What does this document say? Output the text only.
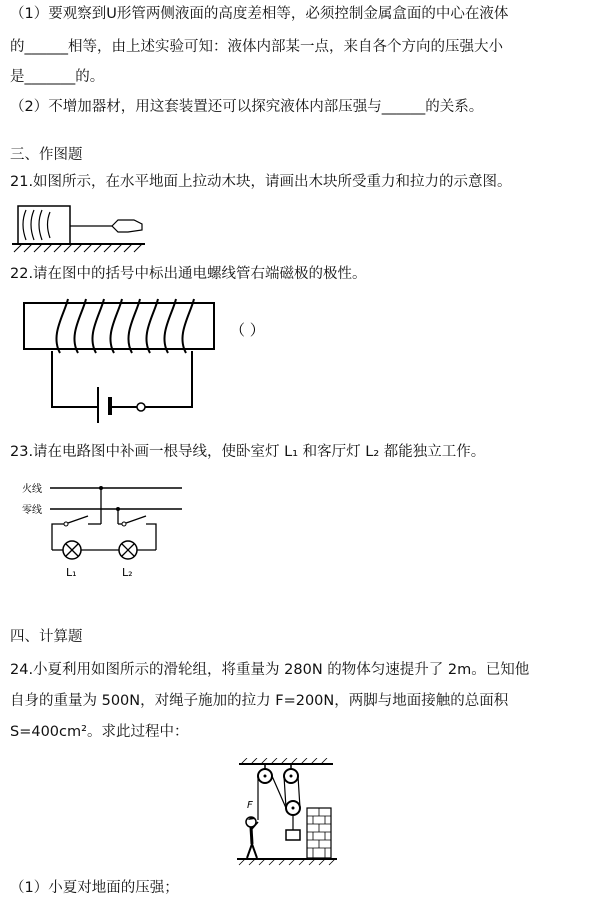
（1）要观察到U形管两侧液面的高度差相等，必须控制金属盒面的中心在液体
的______相等，由上述实验可知：液体内部某一点，来自各个方向的压强大小
是_______的。
（2）不增加器材，用这套装置还可以探究液体内部压强与______的关系。
三、作图题
21.如图所示，在水平地面上拉动木块，请画出木块所受重力和拉力的示意图。
22.请在图中的括号中标出通电螺线管右端磁极的极性。
（ ）
23.请在电路图中补画一根导线，使卧室灯 L₁ 和客厅灯 L₂ 都能独立工作。
火线
零线
L₁	L₂
四、计算题
24.小夏利用如图所示的滑轮组，将重量为 280N 的物体匀速提升了 2m。已知他
自身的重量为 500N，对绳子施加的拉力 F=200N，两脚与地面接触的总面积
S=400cm²。求此过程中：
F
（1）小夏对地面的压强；
